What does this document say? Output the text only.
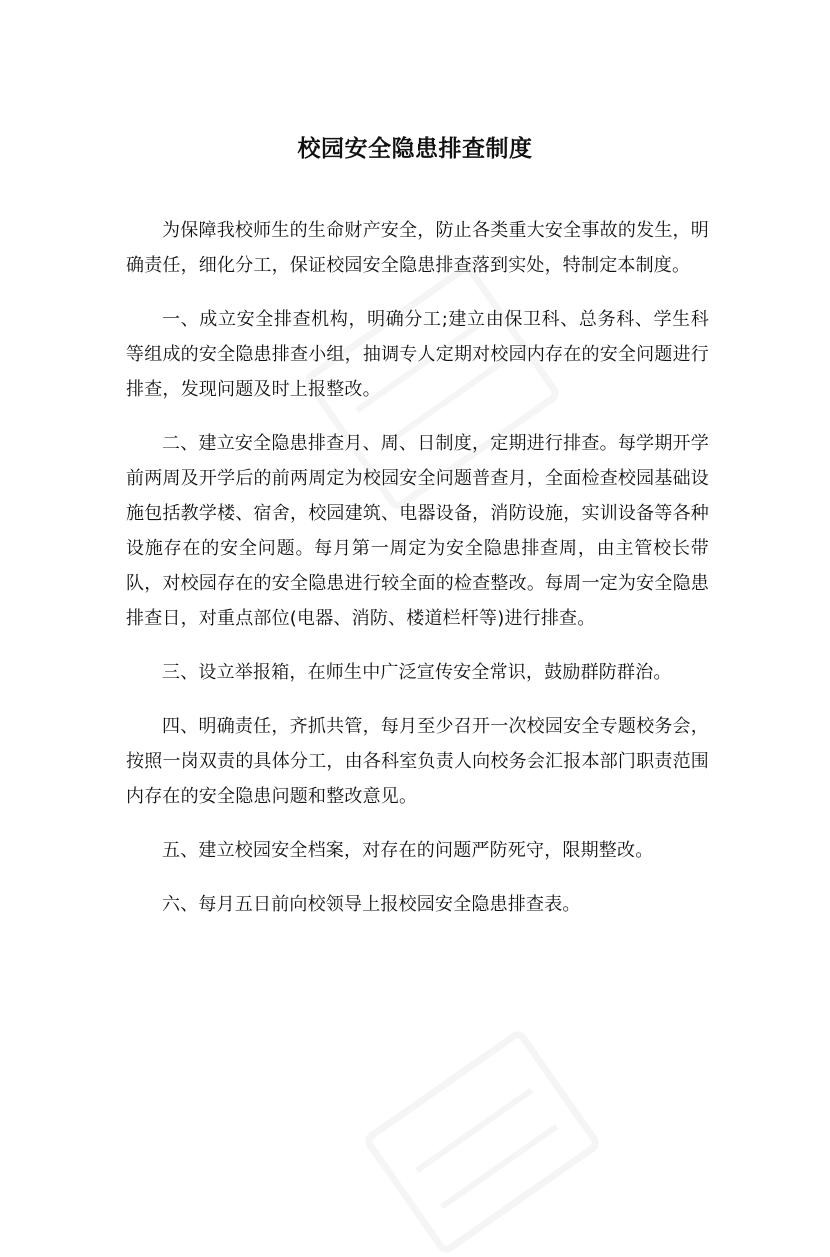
校园安全隐患排查制度

为保障我校师生的生命财产安全，防止各类重大安全事故的发生，明确责任，细化分工，保证校园安全隐患排查落到实处，特制定本制度。

一、成立安全排查机构，明确分工;建立由保卫科、总务科、学生科等组成的安全隐患排查小组，抽调专人定期对校园内存在的安全问题进行排查，发现问题及时上报整改。

二、建立安全隐患排查月、周、日制度，定期进行排查。每学期开学前两周及开学后的前两周定为校园安全问题普查月，全面检查校园基础设施包括教学楼、宿舍，校园建筑、电器设备，消防设施，实训设备等各种设施存在的安全问题。每月第一周定为安全隐患排查周，由主管校长带队，对校园存在的安全隐患进行较全面的检查整改。每周一定为安全隐患排查日，对重点部位(电器、消防、楼道栏杆等)进行排查。

三、设立举报箱，在师生中广泛宣传安全常识，鼓励群防群治。

四、明确责任，齐抓共管，每月至少召开一次校园安全专题校务会，按照一岗双责的具体分工，由各科室负责人向校务会汇报本部门职责范围内存在的安全隐患问题和整改意见。

五、建立校园安全档案，对存在的问题严防死守，限期整改。

六、每月五日前向校领导上报校园安全隐患排查表。
